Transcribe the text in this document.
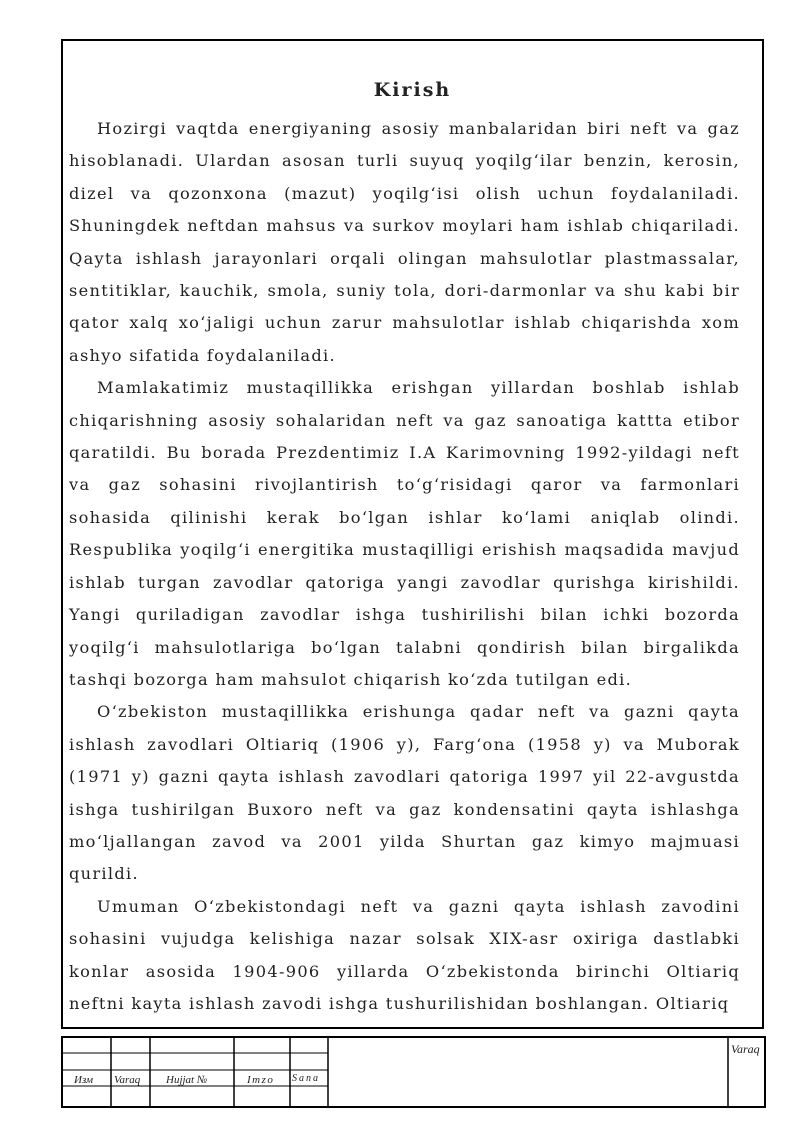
Kirish

Hozirgi vaqtda energiyaning asosiy manbalaridan biri neft va gaz hisoblanadi. Ulardan asosan turli suyuq yoqilg‘ilar benzin, kerosin, dizel va qozonxona (mazut) yoqilg‘isi olish uchun foydalaniladi. Shuningdek neftdan mahsus va surkov moylari ham ishlab chiqariladi. Qayta ishlash jarayonlari orqali olingan mahsulotlar plastmassalar, sentitiklar, kauchik, smola, suniy tola, dori-darmonlar va shu kabi bir qator xalq xo‘jaligi uchun zarur mahsulotlar ishlab chiqarishda xom ashyo sifatida foydalaniladi.

Mamlakatimiz mustaqillikka erishgan yillardan boshlab ishlab chiqarishning asosiy sohalaridan neft va gaz sanoatiga kattta etibor qaratildi. Bu borada Prezdentimiz I.A Karimovning 1992-yildagi neft va gaz sohasini rivojlantirish to‘g‘risidagi qaror va farmonlari sohasida qilinishi kerak bo‘lgan ishlar ko‘lami aniqlab olindi. Respublika yoqilg‘i energitika mustaqilligi erishish maqsadida mavjud ishlab turgan zavodlar qatoriga yangi zavodlar qurishga kirishildi. Yangi quriladigan zavodlar ishga tushirilishi bilan ichki bozorda yoqilg‘i mahsulotlariga bo‘lgan talabni qondirish bilan birgalikda tashqi bozorga ham mahsulot chiqarish ko‘zda tutilgan edi.

O‘zbekiston mustaqillikka erishunga qadar neft va gazni qayta ishlash zavodlari Oltiariq (1906 y), Farg‘ona (1958 y) va Muborak (1971 y) gazni qayta ishlash zavodlari qatoriga 1997 yil 22-avgustda ishga tushirilgan Buxoro neft va gaz kondensatini qayta ishlashga mo‘ljallangan zavod va 2001 yilda Shurtan gaz kimyo majmuasi qurildi.

Umuman O‘zbekistondagi neft va gazni qayta ishlash zavodini sohasini vujudga kelishiga nazar solsak XIX-asr oxiriga dastlabki konlar asosida 1904-906 yillarda O‘zbekistonda birinchi Oltiariq neftni kayta ishlash zavodi ishga tushurilishidan boshlangan. Oltiariq

Изм Varaq Hujjat №	Imzo Sana
Varaq
